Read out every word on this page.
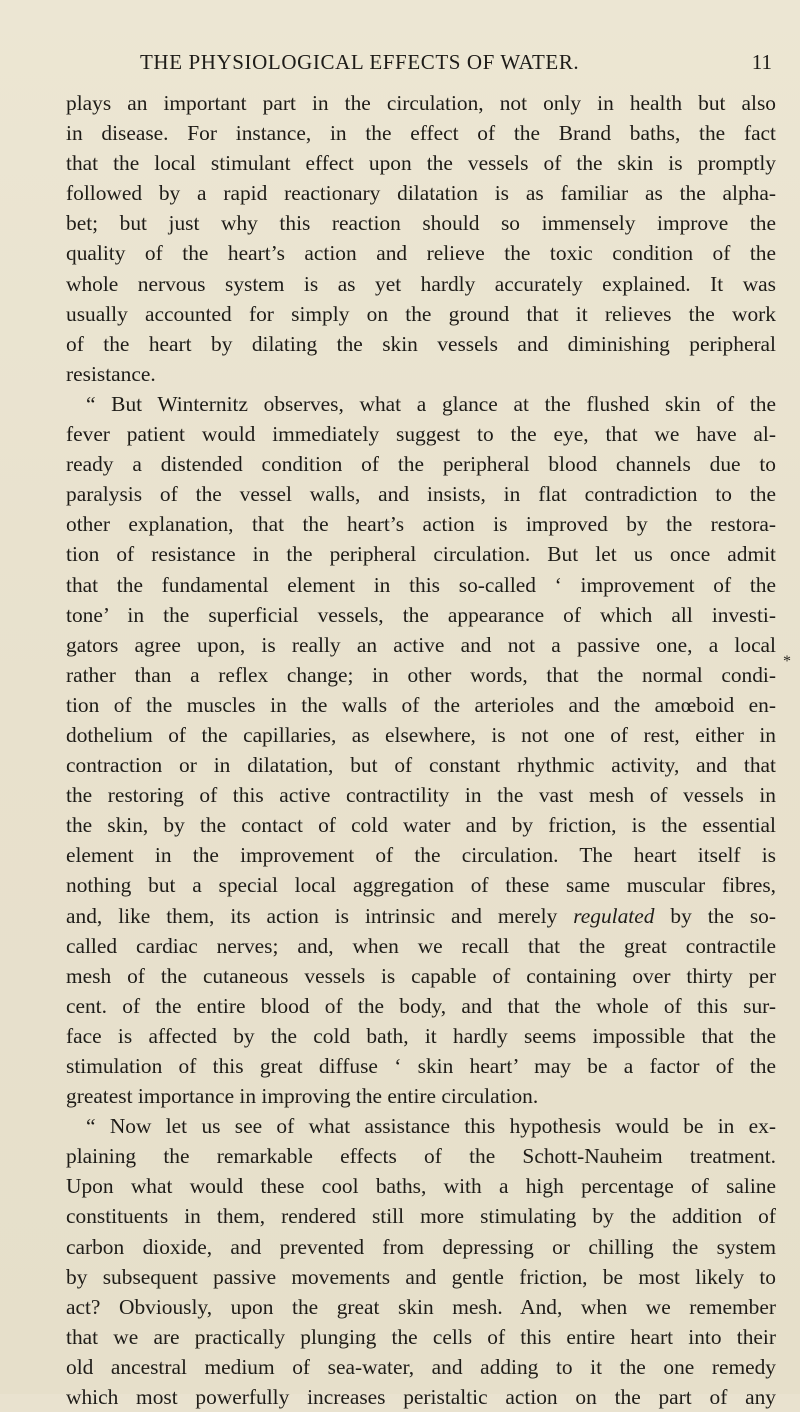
THE PHYSIOLOGICAL EFFECTS OF WATER.	11
plays an important part in the circulation, not only in health but also
in disease. For instance, in the effect of the Brand baths, the fact
that the local stimulant effect upon the vessels of the skin is promptly
followed by a rapid reactionary dilatation is as familiar as the alpha-
bet; but just why this reaction should so immensely improve the
quality of the heart’s action and relieve the toxic condition of the
whole nervous system is as yet hardly accurately explained. It was
usually accounted for simply on the ground that it relieves the work
of the heart by dilating the skin vessels and diminishing peripheral
resistance.
“ But Winternitz observes, what a glance at the flushed skin of the
fever patient would immediately suggest to the eye, that we have al-
ready a distended condition of the peripheral blood channels due to
paralysis of the vessel walls, and insists, in flat contradiction to the
other explanation, that the heart’s action is improved by the restora-
tion of resistance in the peripheral circulation. But let us once admit
that the fundamental element in this so-called ‘ improvement of the
tone’ in the superficial vessels, the appearance of which all investi-
gators agree upon, is really an active and not a passive one, a local
rather than a reflex change; in other words, that the normal condi-
tion of the muscles in the walls of the arterioles and the amœboid en-
dothelium of the capillaries, as elsewhere, is not one of rest, either in
contraction or in dilatation, but of constant rhythmic activity, and that
the restoring of this active contractility in the vast mesh of vessels in
the skin, by the contact of cold water and by friction, is the essential
element in the improvement of the circulation. The heart itself is
nothing but a special local aggregation of these same muscular fibres,
and, like them, its action is intrinsic and merely regulated by the so-
called cardiac nerves; and, when we recall that the great contractile
mesh of the cutaneous vessels is capable of containing over thirty per
cent. of the entire blood of the body, and that the whole of this sur-
face is affected by the cold bath, it hardly seems impossible that the
stimulation of this great diffuse ‘ skin heart’ may be a factor of the
greatest importance in improving the entire circulation.
“ Now let us see of what assistance this hypothesis would be in ex-
plaining the remarkable effects of the Schott-Nauheim treatment.
Upon what would these cool baths, with a high percentage of saline
constituents in them, rendered still more stimulating by the addition of
carbon dioxide, and prevented from depressing or chilling the system
by subsequent passive movements and gentle friction, be most likely to
act? Obviously, upon the great skin mesh. And, when we remember
that we are practically plunging the cells of this entire heart into their
old ancestral medium of sea-water, and adding to it the one remedy
which most powerfully increases peristaltic action on the part of any
*
